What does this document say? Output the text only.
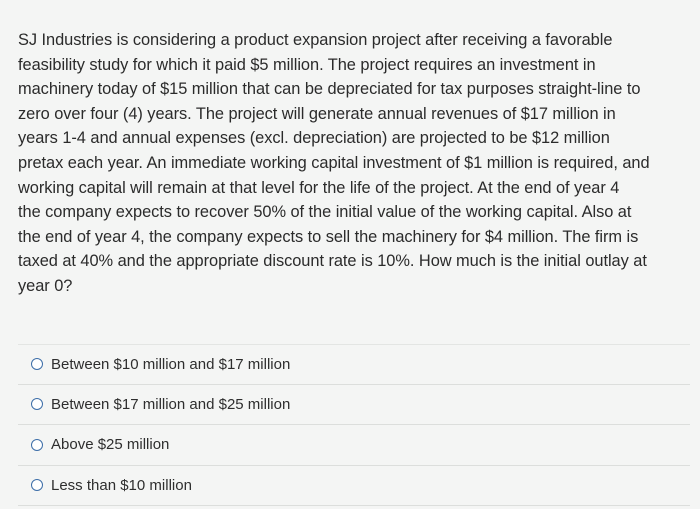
SJ Industries is considering a product expansion project after receiving a favorable
feasibility study for which it paid $5 million. The project requires an investment in
machinery today of $15 million that can be depreciated for tax purposes straight-line to
zero over four (4) years. The project will generate annual revenues of $17 million in
years 1-4 and annual expenses (excl. depreciation) are projected to be $12 million
pretax each year. An immediate working capital investment of $1 million is required, and
working capital will remain at that level for the life of the project. At the end of year 4
the company expects to recover 50% of the initial value of the working capital. Also at
the end of year 4, the company expects to sell the machinery for $4 million. The firm is
taxed at 40% and the appropriate discount rate is 10%. How much is the initial outlay at
year 0?
Between $10 million and $17 million
Between $17 million and $25 million
Above $25 million
Less than $10 million
